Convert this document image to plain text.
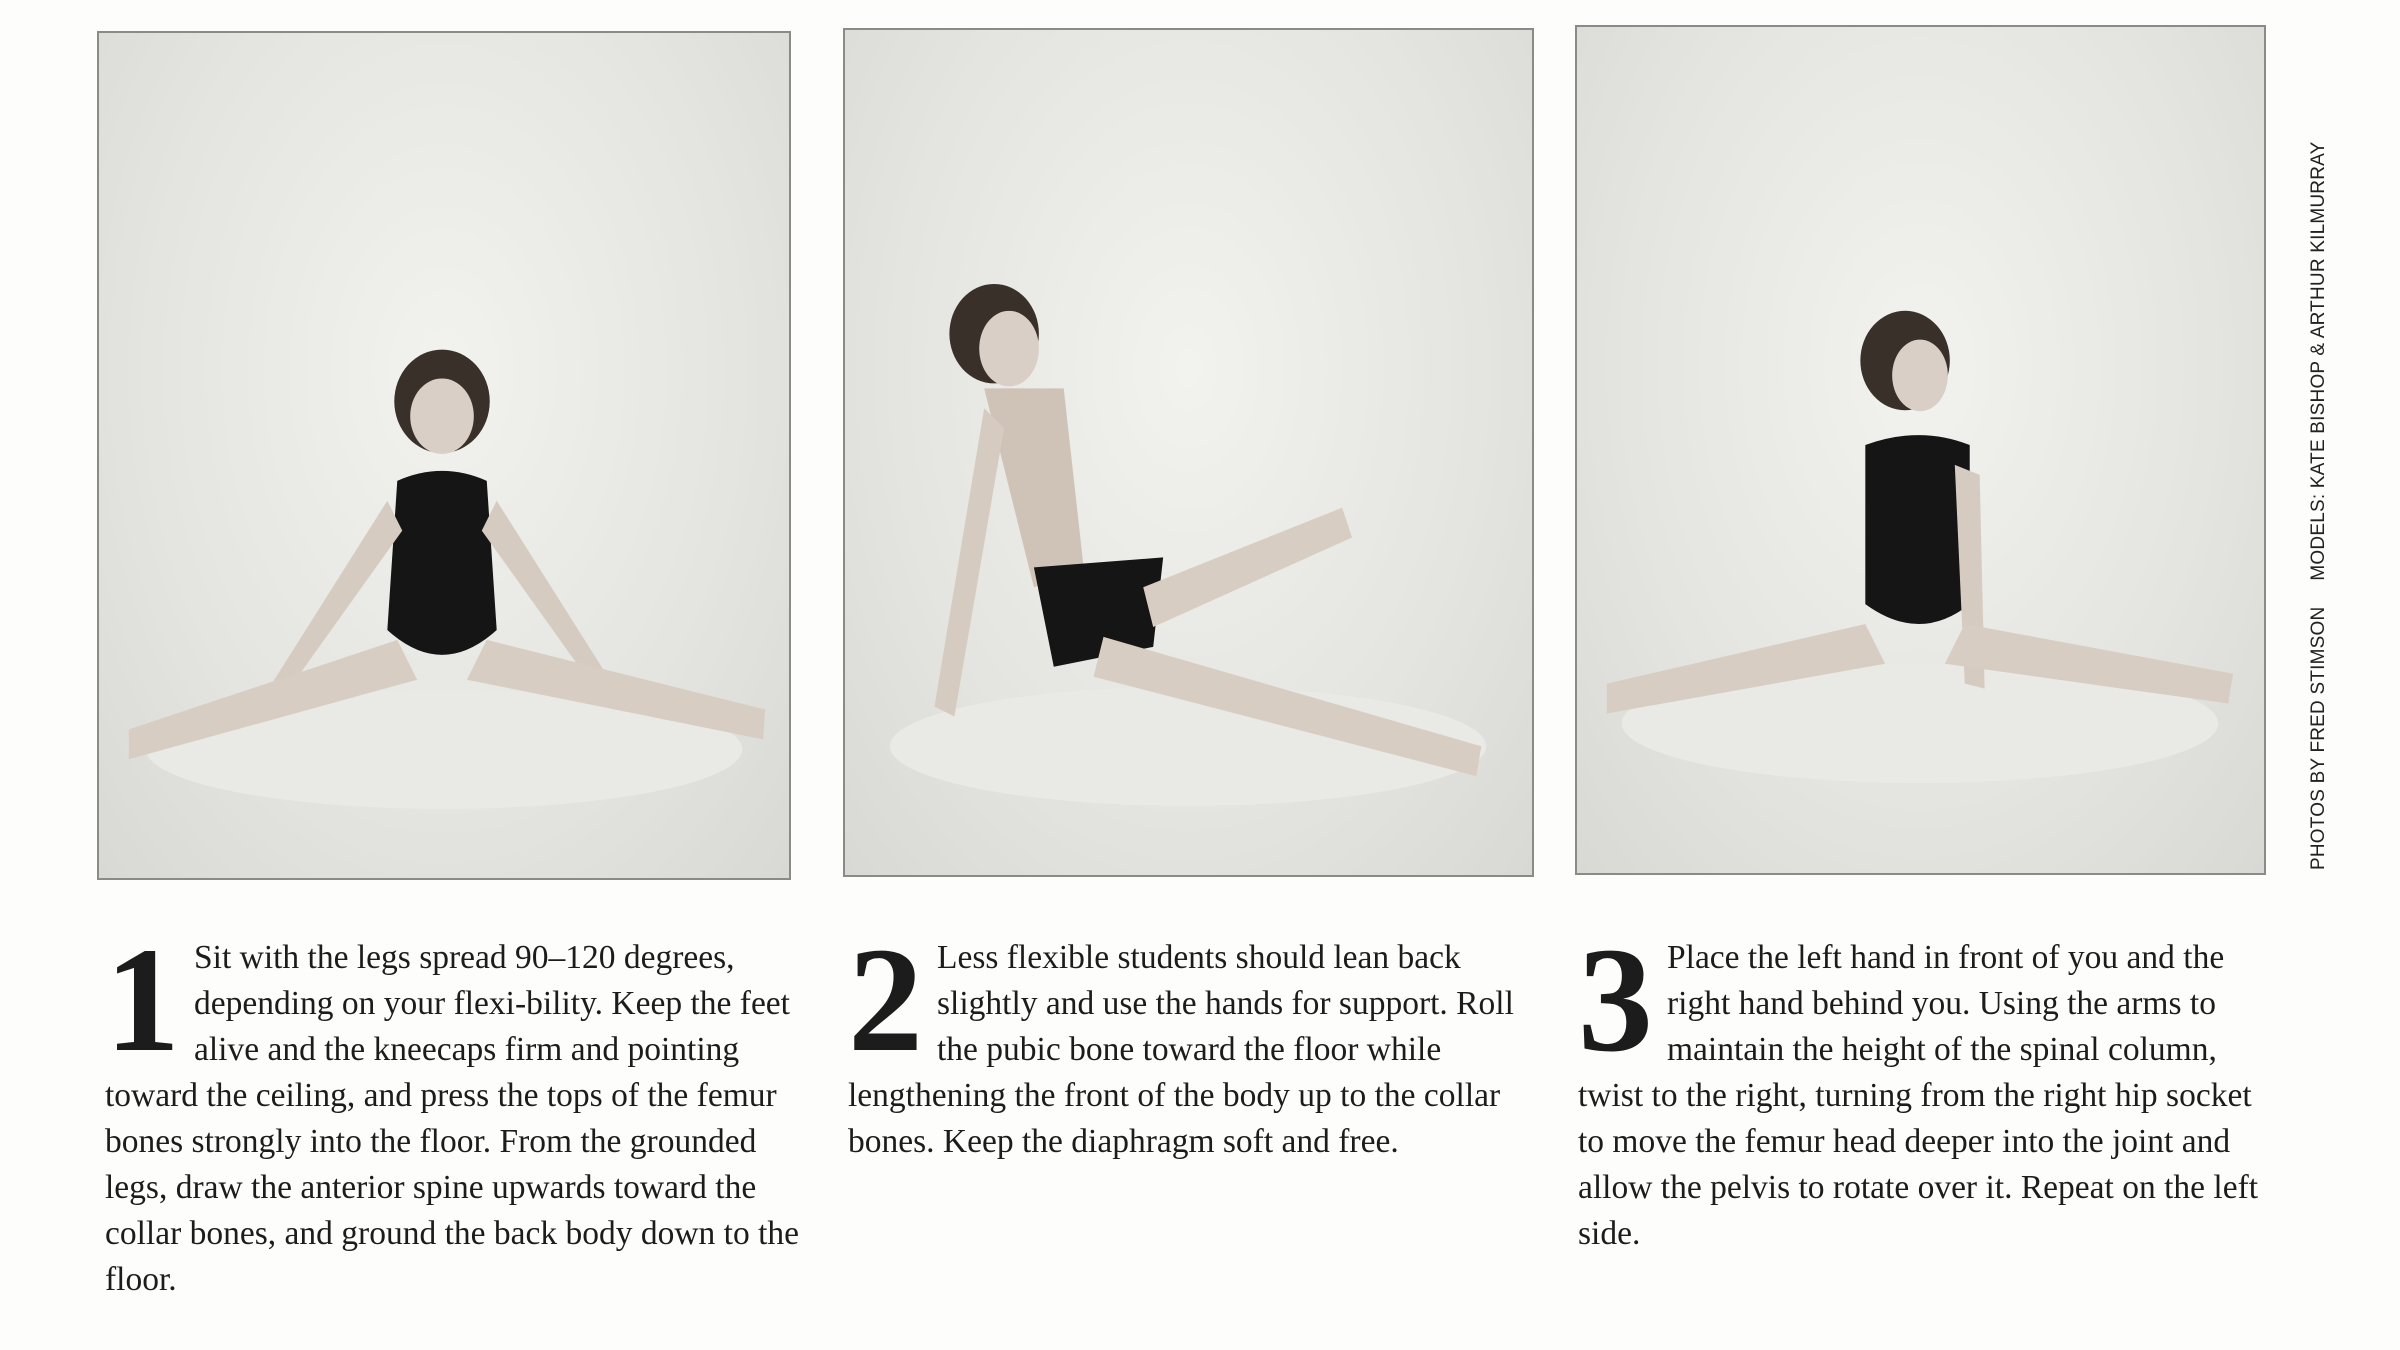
PHOTOS BY FRED STIMSONMODELS: KATE BISHOP & ARTHUR KILMURRAY
1 Sit with the legs spread 90–120 degrees, depending on your flexi-bility. Keep the feet alive and the kneecaps firm and pointing toward the ceiling, and press the tops of the femur bones strongly into the floor. From the grounded legs, draw the anterior spine upwards toward the collar bones, and ground the back body down to the floor.
2 Less flexible students should lean back slightly and use the hands for support. Roll the pubic bone toward the floor while lengthening the front of the body up to the collar bones. Keep the diaphragm soft and free.
3 Place the left hand in front of you and the right hand behind you. Using the arms to maintain the height of the spinal column, twist to the right, turning from the right hip socket to move the femur head deeper into the joint and allow the pelvis to rotate over it. Repeat on the left side.
